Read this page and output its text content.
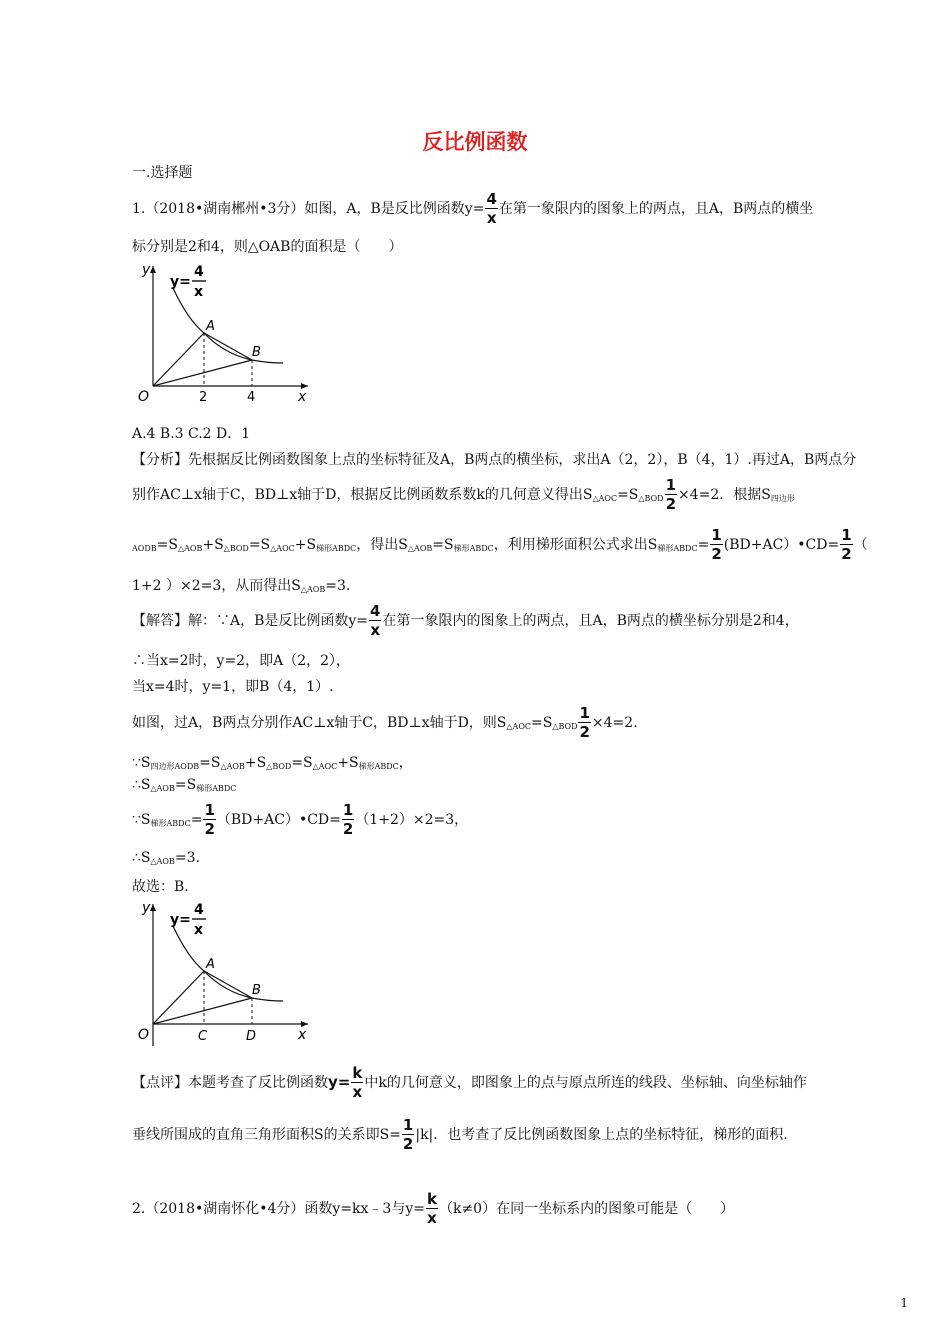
反比例函数
一.选择题
1.（2018•湖南郴州•3分）如图，A，B是反比例函数$y= \frac{4}{x}$ 在第一象限内的图象上的两点，且A，B两点的横坐
标分别是2和4，则△OAB的面积是（　　）
y
x
O
A
B
2	4
y=
4
x
A.4 B.3 C.2 D．1
【分析】先根据反比例函数图象上点的坐标特征及A，B两点的横坐标，求出A（2，2），B（4，1）.再过A，B两点分
别作AC⊥x轴于C，BD⊥x轴于D，根据反比例函数系数k的几何意义得出$S_{\triangle AOC}=S_{\triangle BOD} \frac{1}{2} \times 4=2$．根据$S_{四边形}$
$_{AODB}=S_{\triangle AOB}+S_{\triangle BOD}=S_{\triangle AOC}+S_{梯形ABDC}$，得出$S_{\triangle AOB}=S_{梯形ABDC}$，利用梯形面积公式求出$S_{梯形ABDC}= \frac{1}{2}$ (BD+AC）•CD= $\frac{1}{2}$ （
1+2 ）×2=3，从而得出$S_{\triangle AOB}=3$.
【解答】解：∵A，B是反比例函数$y= \frac{4}{x}$ 在第一象限内的图象上的两点，且A，B两点的横坐标分别是2和4，
∴当x=2时，y=2，即A（2，2），
当x=4时，y=1，即B（4，1）.
如图，过A，B两点分别作AC⊥x轴于C，BD⊥x轴于D，则$S_{\triangle AOC}=S_{\triangle BOD} \frac{1}{2} \times 4=2$.
$\because S_{四边形AODB}=S_{\triangle AOB}+S_{\triangle BOD}=S_{\triangle AOC}+S_{梯形ABDC}$，
$\therefore S_{\triangle AOB}=S_{梯形ABDC}$
$\because S_{梯形ABDC}= \frac{1}{2}$ （BD+AC）•CD= $\frac{1}{2} (1+2)\times 2=3$，
$\therefore S_{\triangle AOB}=3$.
故选：B.
y
x
O
A
B
C	D
y=
4
x
【点评】本题考查了反比例函数$y= \frac{k}{x}$ 中k的几何意义，即图象上的点与原点所连的线段、坐标轴、向坐标轴作
垂线所围成的直角三角形面积S的关系即$S= \frac{1}{2} |k|$．也考查了反比例函数图象上点的坐标特征，梯形的面积.
2.（2018•湖南怀化•4分）函数y=kx﹣3与$y= \frac{k}{x} (k\ne 0)$在同一坐标系内的图象可能是（　　）
1
